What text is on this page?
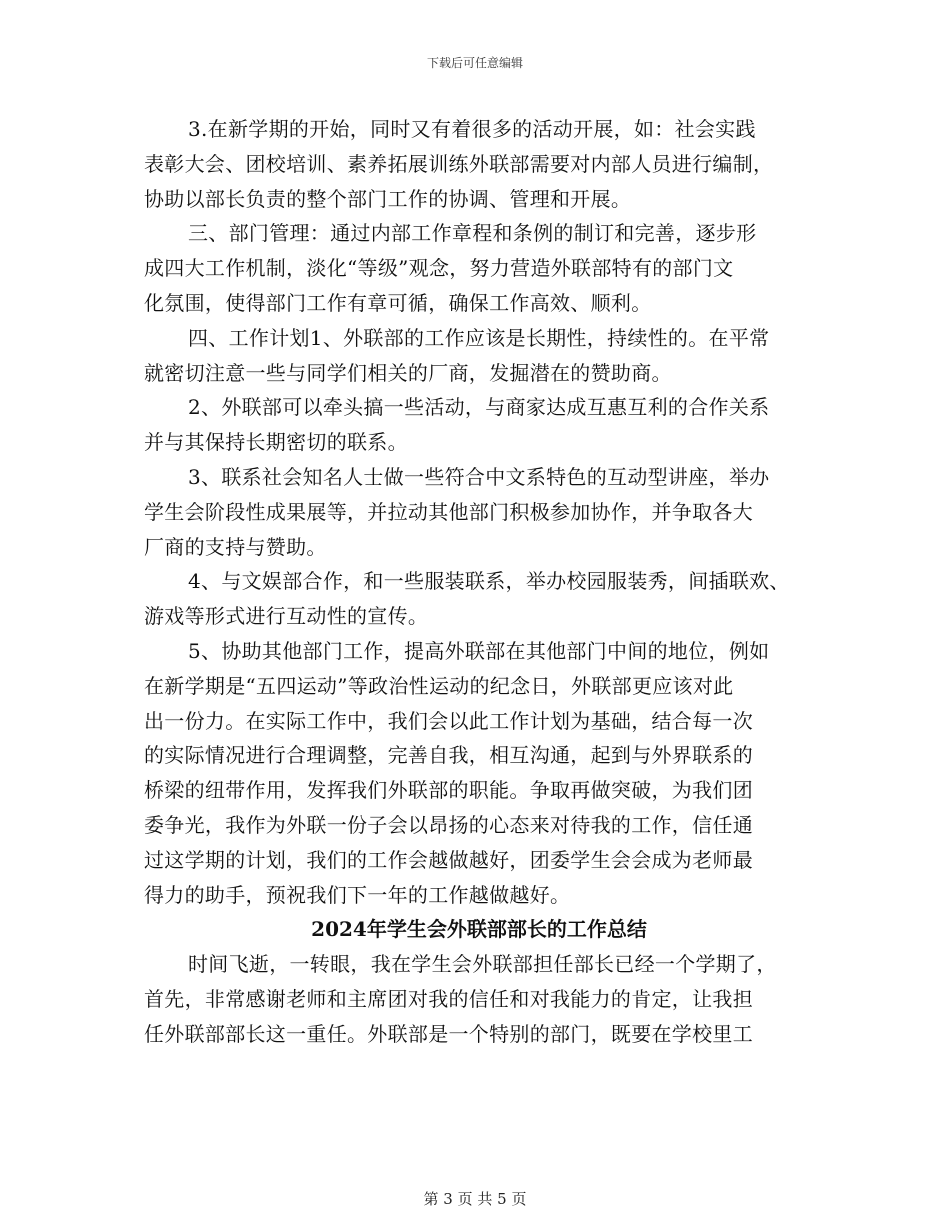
下载后可任意编辑
3.在新学期的开始，同时又有着很多的活动开展，如：社会实践
表彰大会、团校培训、素养拓展训练外联部需要对内部人员进行编制，
协助以部长负责的整个部门工作的协调、管理和开展。
三、部门管理：通过内部工作章程和条例的制订和完善，逐步形
成四大工作机制，淡化“等级”观念，努力营造外联部特有的部门文
化氛围，使得部门工作有章可循，确保工作高效、顺利。
四、工作计划1、外联部的工作应该是长期性，持续性的。在平常
就密切注意一些与同学们相关的厂商，发掘潜在的赞助商。
2、外联部可以牵头搞一些活动，与商家达成互惠互利的合作关系
并与其保持长期密切的联系。
3、联系社会知名人士做一些符合中文系特色的互动型讲座，举办
学生会阶段性成果展等，并拉动其他部门积极参加协作，并争取各大
厂商的支持与赞助。
4、与文娱部合作，和一些服装联系，举办校园服装秀，间插联欢、
游戏等形式进行互动性的宣传。
5、协助其他部门工作，提高外联部在其他部门中间的地位，例如
在新学期是“五四运动”等政治性运动的纪念日，外联部更应该对此
出一份力。在实际工作中，我们会以此工作计划为基础，结合每一次
的实际情况进行合理调整，完善自我，相互沟通，起到与外界联系的
桥梁的纽带作用，发挥我们外联部的职能。争取再做突破，为我们团
委争光，我作为外联一份子会以昂扬的心态来对待我的工作，信任通
过这学期的计划，我们的工作会越做越好，团委学生会会成为老师最
得力的助手，预祝我们下一年的工作越做越好。
2024年学生会外联部部长的工作总结
时间飞逝，一转眼，我在学生会外联部担任部长已经一个学期了，
首先，非常感谢老师和主席团对我的信任和对我能力的肯定，让我担
任外联部部长这一重任。外联部是一个特别的部门，既要在学校里工
第 3 页 共 5 页
